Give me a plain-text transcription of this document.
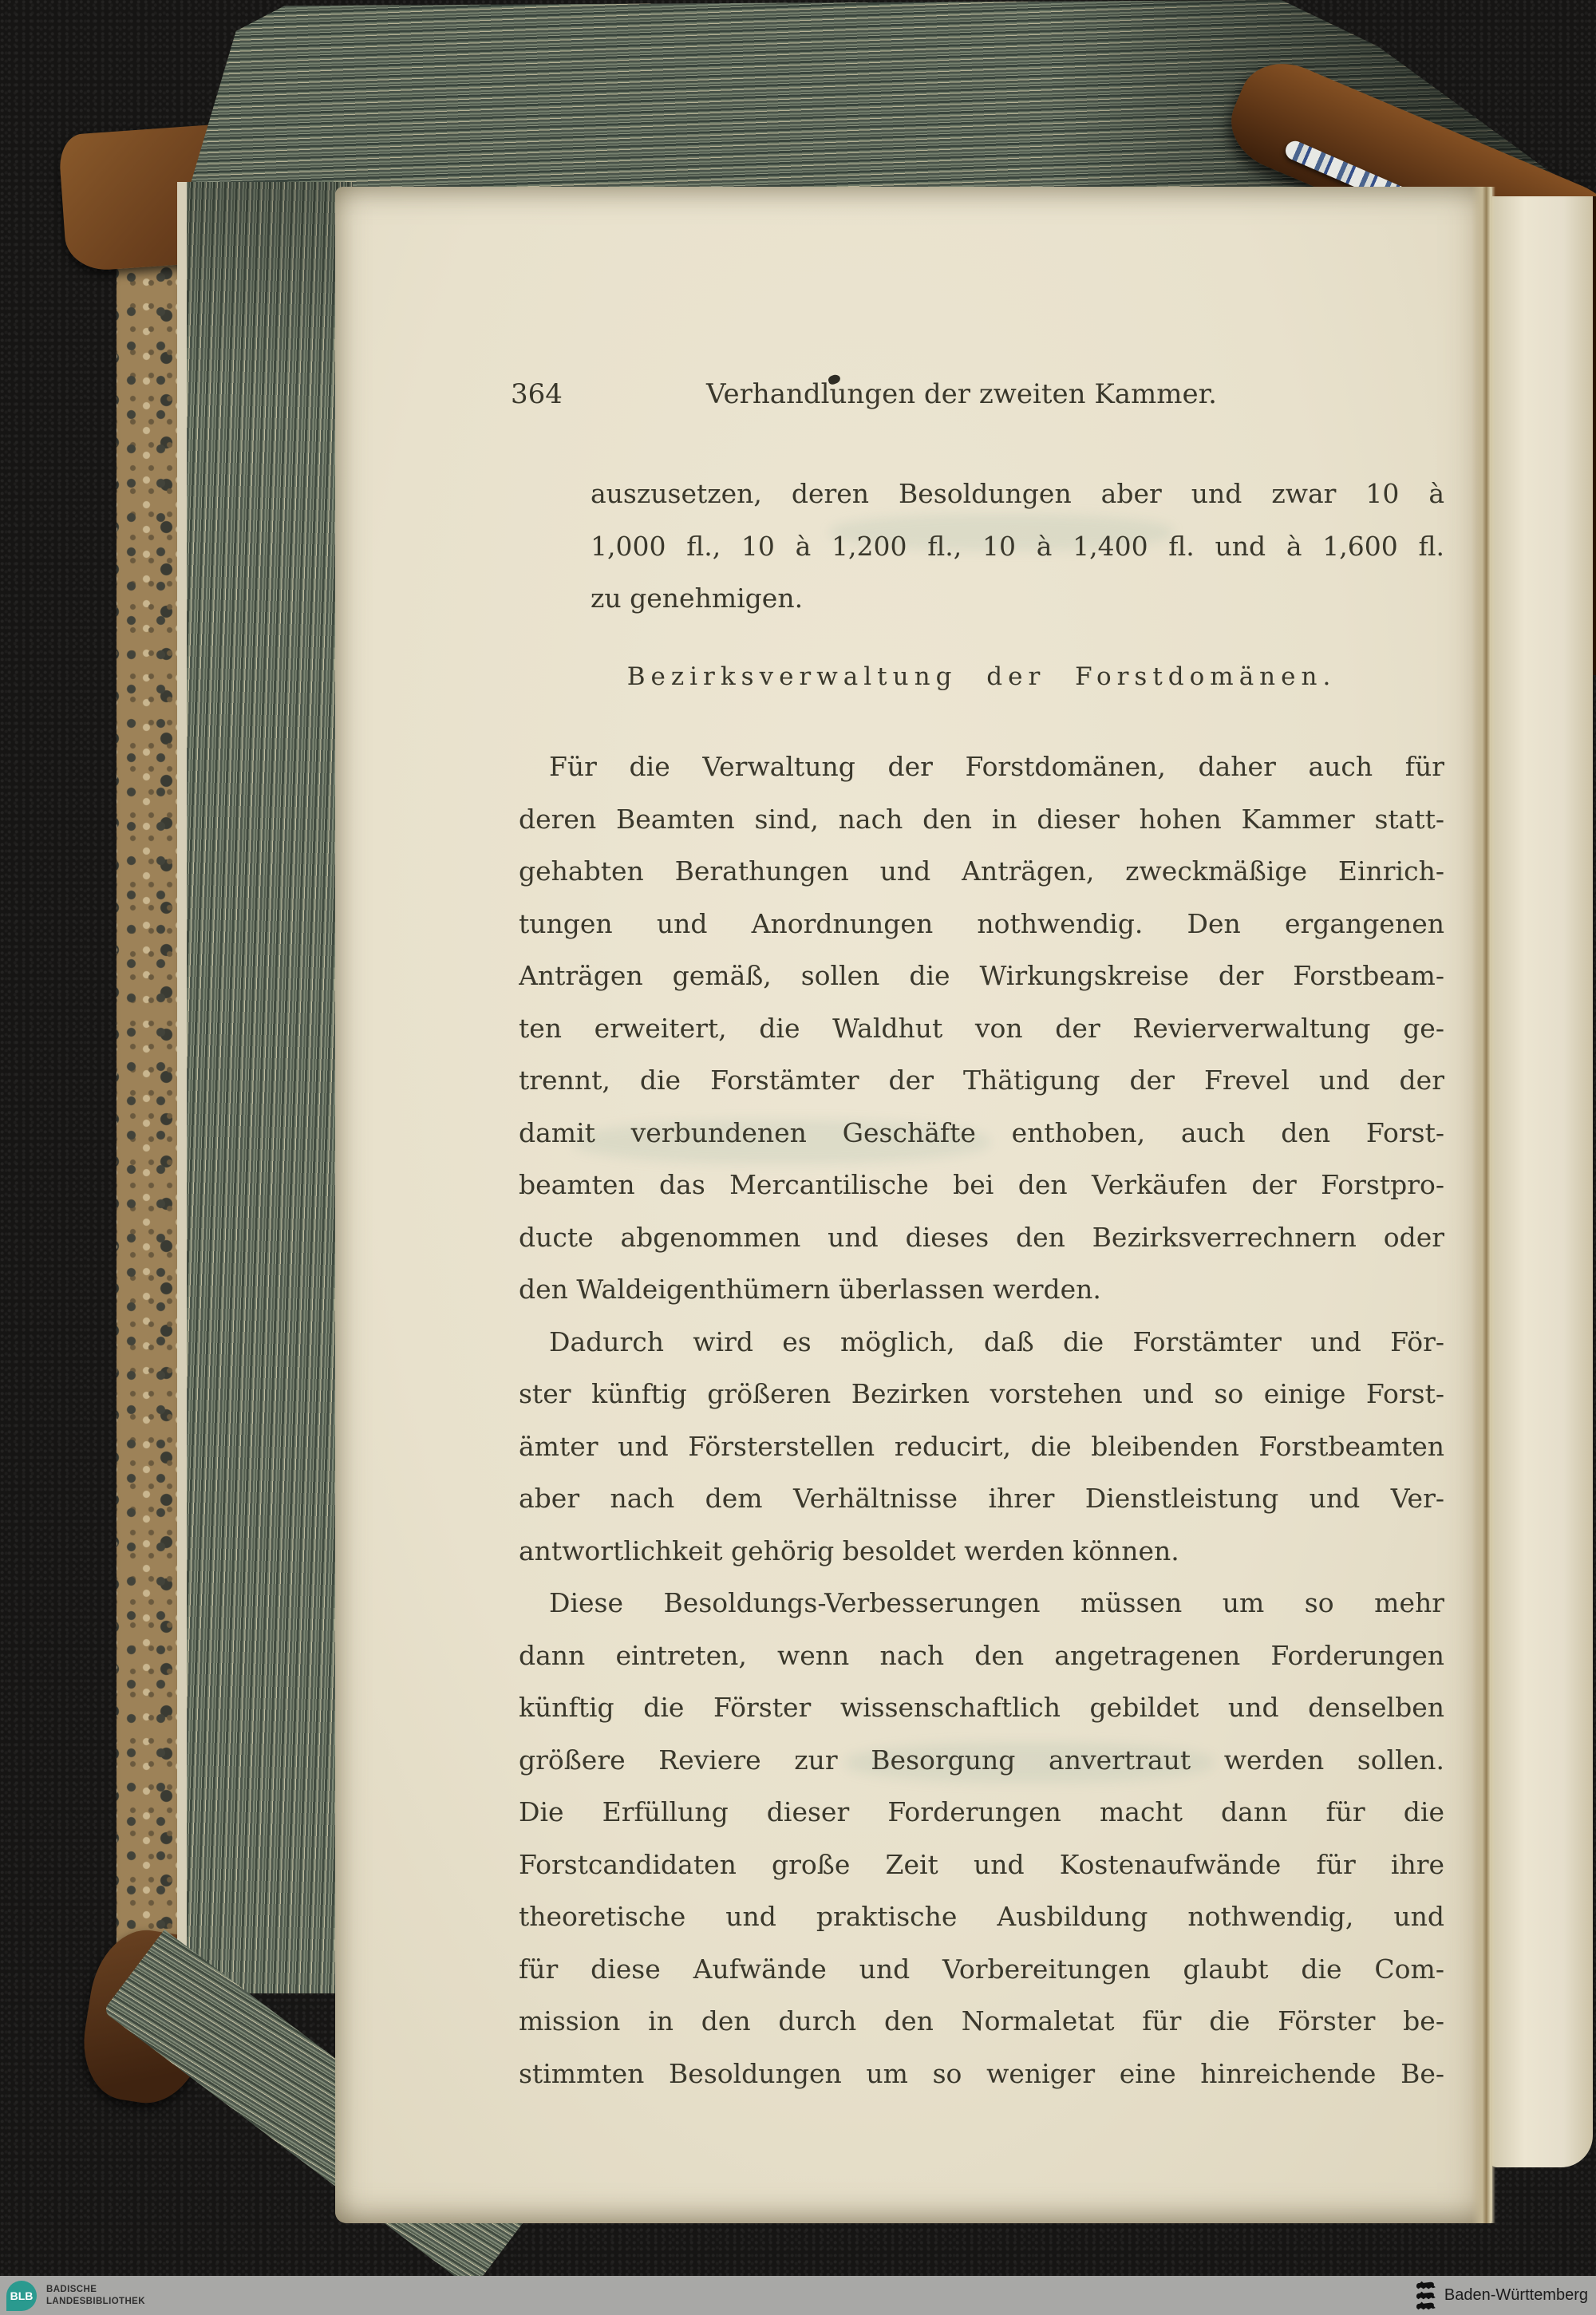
364	Verhandlungen der zweiten Kammer.
auszusetzen, deren Besoldungen aber und zwar 10 à
1,000 fl., 10 à 1,200 fl., 10 à 1,400 fl. und à 1,600 fl.
zu genehmigen.
Bezirksverwaltung der Forstdomänen.
Für die Verwaltung der Forstdomänen, daher auch für
deren Beamten sind, nach den in dieser hohen Kammer statt-
gehabten Berathungen und Anträgen, zweckmäßige Einrich-
tungen und Anordnungen nothwendig. Den ergangenen
Anträgen gemäß, sollen die Wirkungskreise der Forstbeam-
ten erweitert, die Waldhut von der Revierverwaltung ge-
trennt, die Forstämter der Thätigung der Frevel und der
damit verbundenen Geschäfte enthoben, auch den Forst-
beamten das Mercantilische bei den Verkäufen der Forstpro-
ducte abgenommen und dieses den Bezirksverrechnern oder
den Waldeigenthümern überlassen werden.
Dadurch wird es möglich, daß die Forstämter und För-
ster künftig größeren Bezirken vorstehen und so einige Forst-
ämter und Försterstellen reducirt, die bleibenden Forstbeamten
aber nach dem Verhältnisse ihrer Dienstleistung und Ver-
antwortlichkeit gehörig besoldet werden können.
Diese Besoldungs-Verbesserungen müssen um so mehr
dann eintreten, wenn nach den angetragenen Forderungen
künftig die Förster wissenschaftlich gebildet und denselben
größere Reviere zur Besorgung anvertraut werden sollen.
Die Erfüllung dieser Forderungen macht dann für die
Forstcandidaten große Zeit und Kostenaufwände für ihre
theoretische und praktische Ausbildung nothwendig, und
für diese Aufwände und Vorbereitungen glaubt die Com-
mission in den durch den Normaletat für die Förster be-
stimmten Besoldungen um so weniger eine hinreichende Be-
BLB BADISCHE
LANDESBIBLIOTHEK	Baden-Württemberg
